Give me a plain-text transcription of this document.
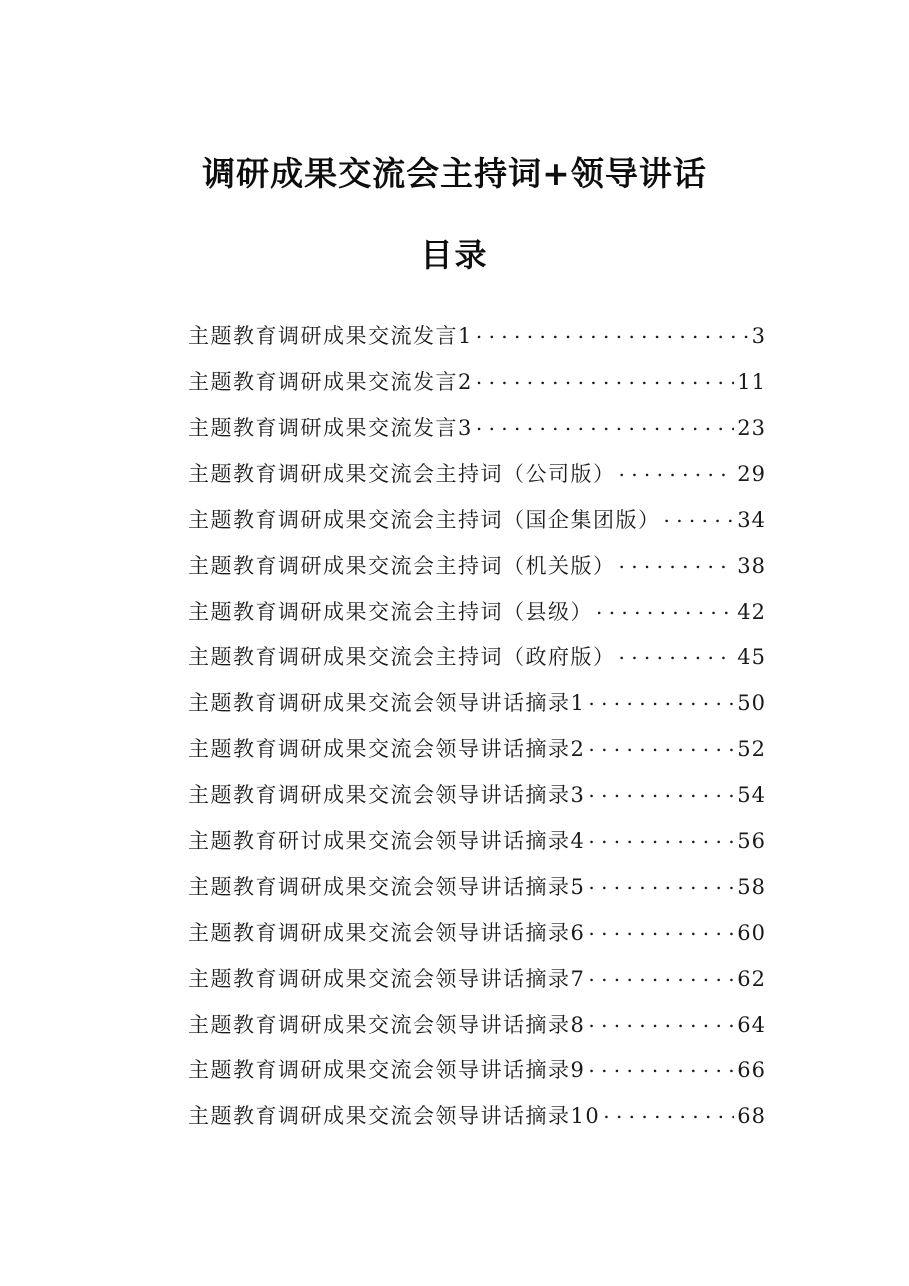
调研成果交流会主持词+领导讲话
目录
主题教育调研成果交流发言1 . . .	3
主题教育调研成果交流发言2 . . .	11
主题教育调研成果交流发言3 . . .	23
主题教育调研成果交流会主持词（公司版） . . .	29
主题教育调研成果交流会主持词（国企集团版） . . .	34
主题教育调研成果交流会主持词（机关版） . . .	38
主题教育调研成果交流会主持词（县级） . . .	42
主题教育调研成果交流会主持词（政府版） . . .	45
主题教育调研成果交流会领导讲话摘录1 . . .	50
主题教育调研成果交流会领导讲话摘录2 . . .	52
主题教育调研成果交流会领导讲话摘录3 . . .	54
主题教育研讨成果交流会领导讲话摘录4 . . .	56
主题教育调研成果交流会领导讲话摘录5 . . .	58
主题教育调研成果交流会领导讲话摘录6 . . .	60
主题教育调研成果交流会领导讲话摘录7 . . .	62
主题教育调研成果交流会领导讲话摘录8 . . .	64
主题教育调研成果交流会领导讲话摘录9 . . .	66
主题教育调研成果交流会领导讲话摘录10 . . .	68
